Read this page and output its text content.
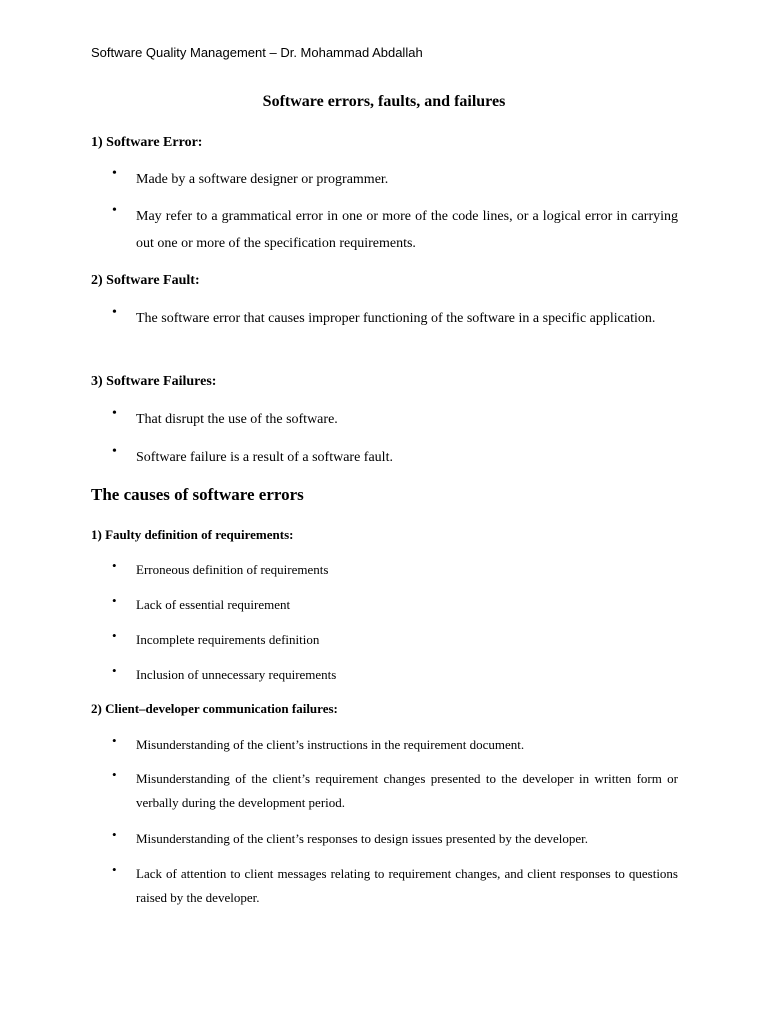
Software Quality Management – Dr. Mohammad Abdallah
Software errors, faults, and failures
1) Software Error:
• Made by a software designer or programmer.
• May refer to a grammatical error in one or more of the code lines, or a logical error in carrying out one or more of the specification requirements.
2) Software Fault:
• The software error that causes improper functioning of the software in a specific application.
3) Software Failures:
• That disrupt the use of the software.
• Software failure is a result of a software fault.
The causes of software errors
1) Faulty definition of requirements:
• Erroneous definition of requirements
• Lack of essential requirement
• Incomplete requirements definition
• Inclusion of unnecessary requirements
2) Client–developer communication failures:
• Misunderstanding of the client’s instructions in the requirement document.
• Misunderstanding of the client’s requirement changes presented to the developer in written form or verbally during the development period.
• Misunderstanding of the client’s responses to design issues presented by the developer.
• Lack of attention to client messages relating to requirement changes, and client responses to questions raised by the developer.
